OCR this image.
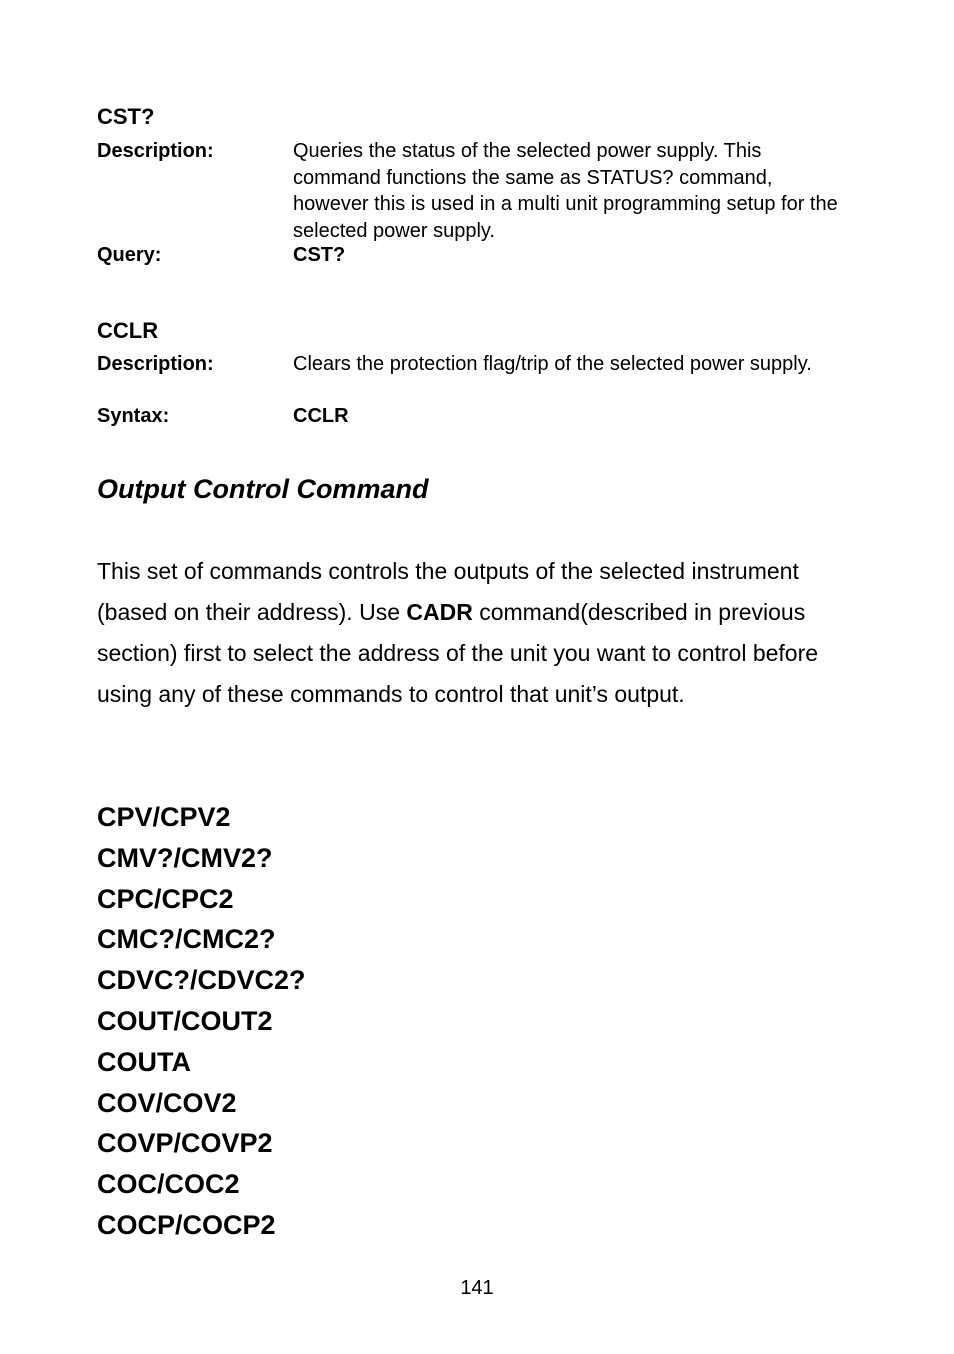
CST?
Description:	Queries the status of the selected power supply. This command functions the same as STATUS? command, however this is used in a multi unit programming setup for the selected power supply.
Query:	CST?
CCLR
Description:	Clears the protection flag/trip of the selected power supply.
Syntax:	CCLR
Output Control Command

This set of commands controls the outputs of the selected instrument (based on their address). Use CADR command(described in previous section) first to select the address of the unit you want to control before using any of these commands to control that unit’s output.

CPV/CPV2
CMV?/CMV2?
CPC/CPC2
CMC?/CMC2?
CDVC?/CDVC2?
COUT/COUT2
COUTA
COV/COV2
COVP/COVP2
COC/COC2
COCP/COCP2
141
